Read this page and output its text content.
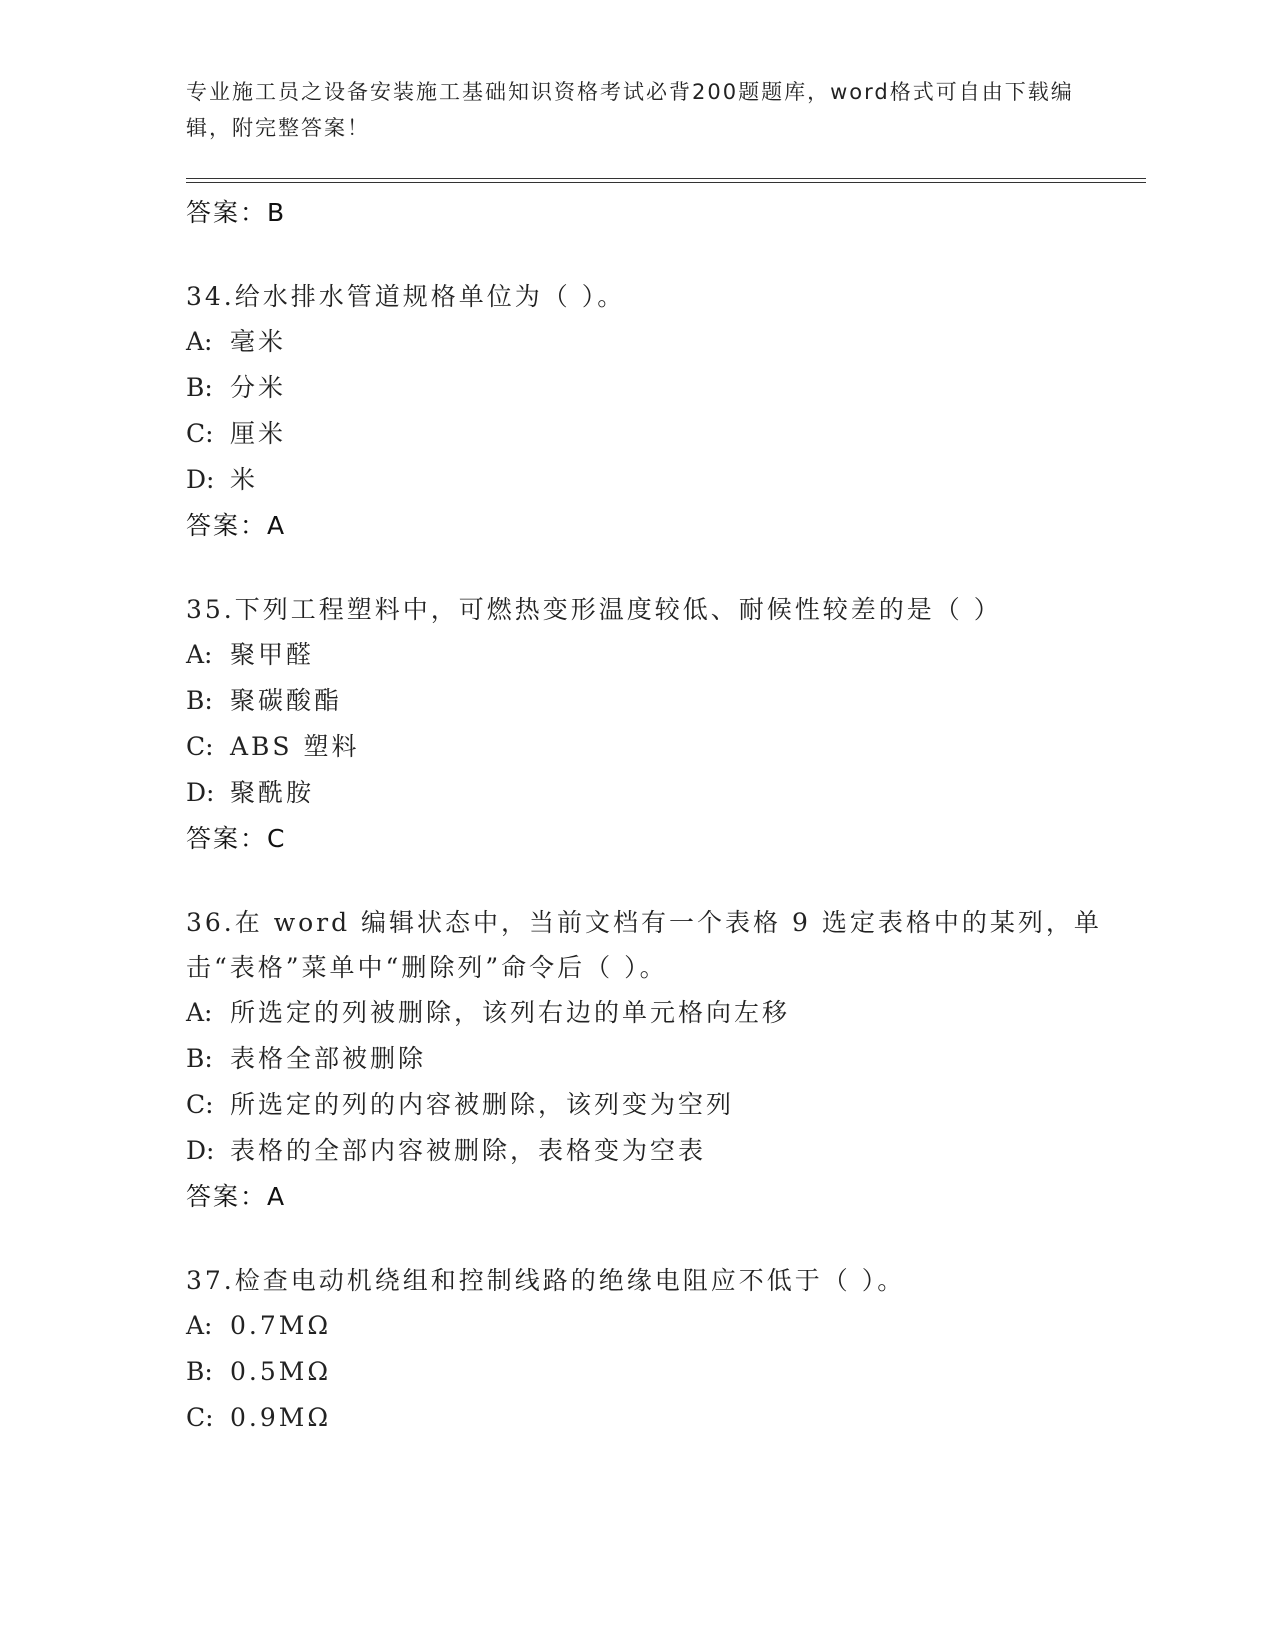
专业施工员之设备安装施工基础知识资格考试必背200题题库，word格式可自由下载编辑，附完整答案！
答案：B
34.给水排水管道规格单位为（ ）。
A: 毫米
B: 分米
C: 厘米
D: 米
答案：A
35.下列工程塑料中，可燃热变形温度较低、耐候性较差的是（ ）
A: 聚甲醛
B: 聚碳酸酯
C: ABS 塑料
D: 聚酰胺
答案：C
36.在 word 编辑状态中，当前文档有一个表格 9 选定表格中的某列，单击“表格”菜单中“删除列”命令后（ ）。
A: 所选定的列被删除，该列右边的单元格向左移
B: 表格全部被删除
C: 所选定的列的内容被删除，该列变为空列
D: 表格的全部内容被删除，表格变为空表
答案：A
37.检查电动机绕组和控制线路的绝缘电阻应不低于（ ）。
A: 0.7MΩ
B: 0.5MΩ
C: 0.9MΩ
